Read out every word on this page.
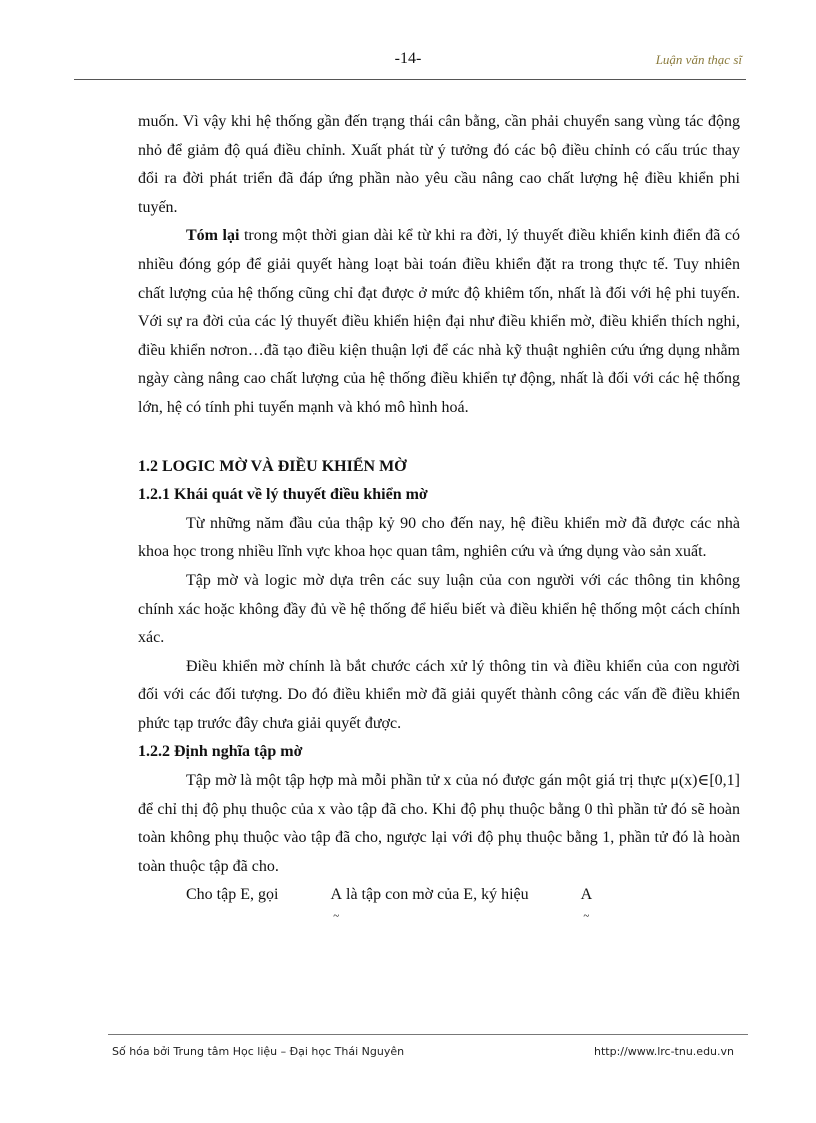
-14-	Luận văn thạc sĩ

muốn. Vì vậy khi hệ thống gần đến trạng thái cân bằng, cần phải chuyển sang vùng tác động nhỏ để giảm độ quá điều chỉnh. Xuất phát từ ý tưởng đó các bộ điều chỉnh có cấu trúc thay đổi ra đời phát triển đã đáp ứng phần nào yêu cầu nâng cao chất lượng hệ điều khiển phi tuyến.

Tóm lại trong một thời gian dài kể từ khi ra đời, lý thuyết điều khiển kinh điển đã có nhiều đóng góp để giải quyết hàng loạt bài toán điều khiển đặt ra trong thực tế. Tuy nhiên chất lượng của hệ thống cũng chỉ đạt được ở mức độ khiêm tốn, nhất là đối với hệ phi tuyến. Với sự ra đời của các lý thuyết điều khiển hiện đại như điều khiển mờ, điều khiển thích nghi, điều khiển nơron…đã tạo điều kiện thuận lợi để các nhà kỹ thuật nghiên cứu ứng dụng nhằm ngày càng nâng cao chất lượng của hệ thống điều khiển tự động, nhất là đối với các hệ thống lớn, hệ có tính phi tuyến mạnh và khó mô hình hoá.

1.2 LOGIC MỜ VÀ ĐIỀU KHIỂN MỜ
1.2.1 Khái quát về lý thuyết điều khiển mờ

Từ những năm đầu của thập kỷ 90 cho đến nay, hệ điều khiển mờ đã được các nhà khoa học trong nhiều lĩnh vực khoa học quan tâm, nghiên cứu và ứng dụng vào sản xuất.

Tập mờ và logic mờ dựa trên các suy luận của con người với các thông tin không chính xác hoặc không đầy đủ về hệ thống để hiểu biết và điều khiển hệ thống một cách chính xác.

Điều khiển mờ chính là bắt chước cách xử lý thông tin và điều khiển của con người đối với các đối tượng. Do đó điều khiển mờ đã giải quyết thành công các vấn đề điều khiển phức tạp trước đây chưa giải quyết được.

1.2.2 Định nghĩa tập mờ

Tập mờ là một tập hợp mà mỗi phần tử x của nó được gán một giá trị thực μ(x)∈[0,1] để chỉ thị độ phụ thuộc của x vào tập đã cho. Khi độ phụ thuộc bằng 0 thì phần tử đó sẽ hoàn toàn không phụ thuộc vào tập đã cho, ngược lại với độ phụ thuộc bằng 1, phần tử đó là hoàn toàn thuộc tập đã cho.

Cho tập E, gọi	A ~ là tập con mờ của E, ký hiệu	A ~

Số hóa bởi Trung tâm Học liệu – Đại học Thái Nguyên	http://www.lrc-tnu.edu.vn
